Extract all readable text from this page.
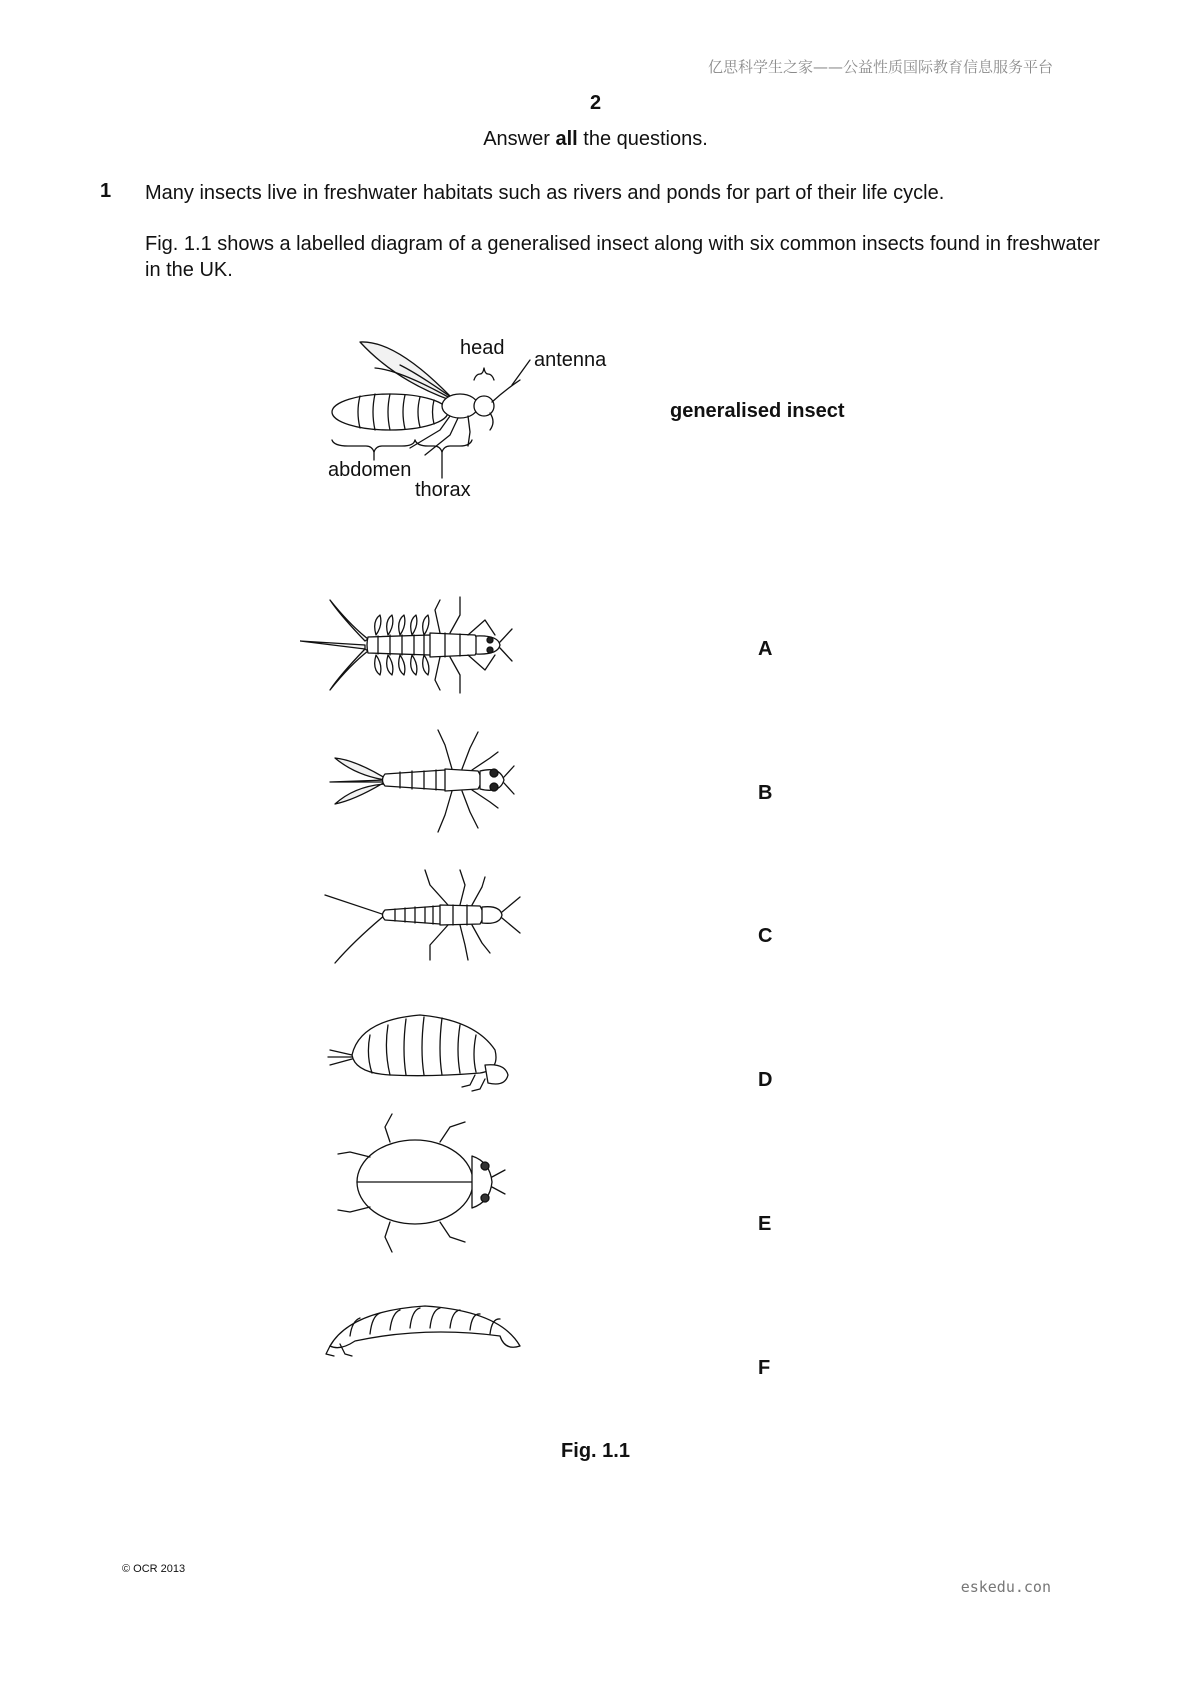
亿思科学生之家——公益性质国际教育信息服务平台
2
Answer all the questions.
1 Many insects live in freshwater habitats such as rivers and ponds for part of their life cycle.
Fig. 1.1 shows a labelled diagram of a generalised insect along with six common insects found in freshwater in the UK.
head
antenna
abdomen
thorax
generalised insect
A
B
C
D
E
F
Fig. 1.1
© OCR 2013
eskedu.con
